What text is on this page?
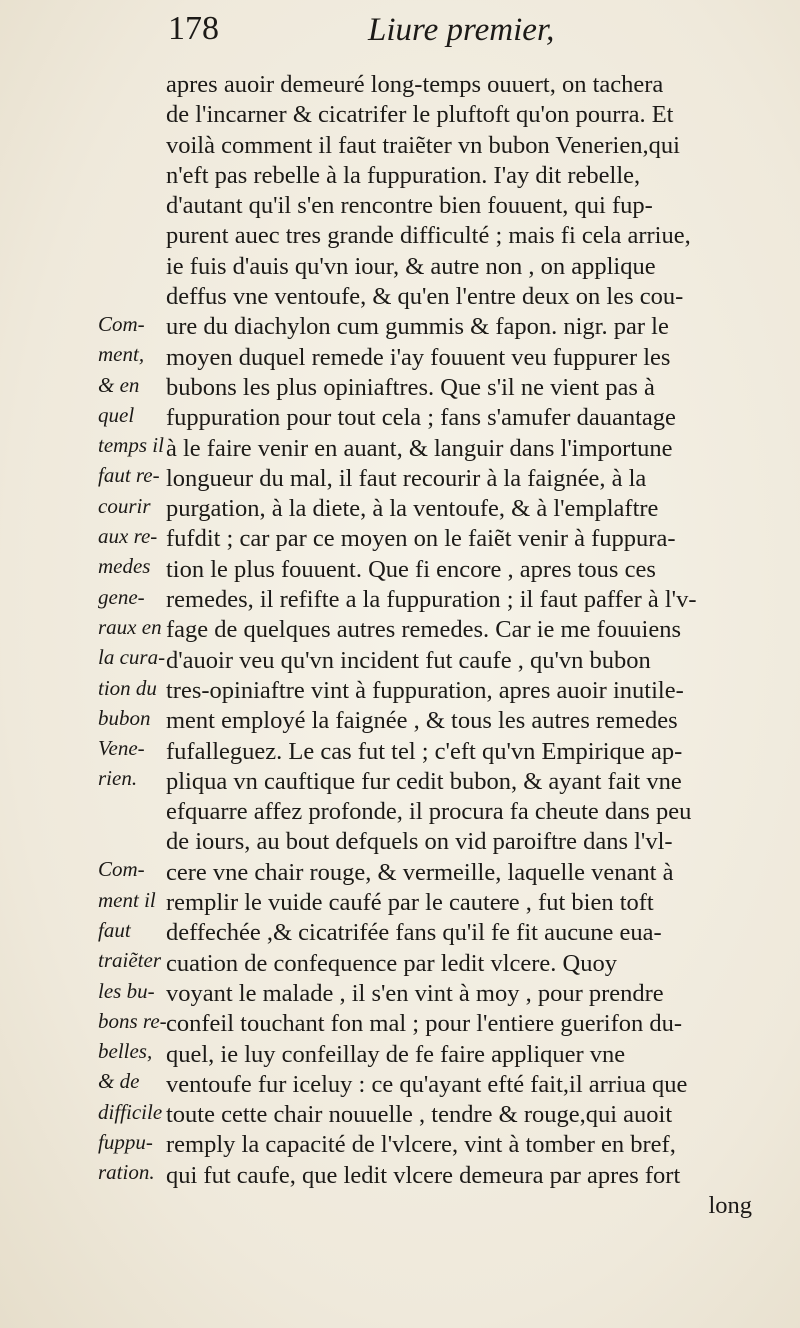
178	Liure premier,
Com-
ment,
& en
quel
temps il
faut re-
courir
aux re-
medes
gene-
raux en
la cura-
tion du
bubon
Vene-
rien.
Com-
ment il
faut
traiẽter
les bu-
bons re-
belles,
& de
difficile
fuppu-
ration.
apres auoir demeuré long-temps ouuert, on tachera
de l'incarner & cicatrifer le pluftoft qu'on pourra. Et
voilà comment il faut traiẽter vn bubon Venerien,qui
n'eft pas rebelle à la fuppuration. I'ay dit rebelle,
d'autant qu'il s'en rencontre bien fouuent, qui fup-
purent auec tres grande difficulté ; mais fi cela arriue,
ie fuis d'auis qu'vn iour, & autre non , on applique
deffus vne ventoufe, & qu'en l'entre deux on les cou-
ure du diachylon cum gummis & fapon. nigr. par le
moyen duquel remede i'ay fouuent veu fuppurer les
bubons les plus opiniaftres. Que s'il ne vient pas à
fuppuration pour tout cela ; fans s'amufer dauantage
à le faire venir en auant, & languir dans l'importune
longueur du mal, il faut recourir à la faignée, à la
purgation, à la diete, à la ventoufe, & à l'emplaftre
fufdit ; car par ce moyen on le faiẽt venir à fuppura-
tion le plus fouuent. Que fi encore , apres tous ces
remedes, il refifte a la fuppuration ; il faut paffer à l'v-
fage de quelques autres remedes. Car ie me fouuiens
d'auoir veu qu'vn incident fut caufe , qu'vn bubon
tres-opiniaftre vint à fuppuration, apres auoir inutile-
ment employé la faignée , & tous les autres remedes
fufalleguez. Le cas fut tel ; c'eft qu'vn Empirique ap-
pliqua vn cauftique fur cedit bubon, & ayant fait vne
efquarre affez profonde, il procura fa cheute dans peu
de iours, au bout defquels on vid paroiftre dans l'vl-
cere vne chair rouge, & vermeille, laquelle venant à
remplir le vuide caufé par le cautere , fut bien toft
deffechée ,& cicatrifée fans qu'il fe fit aucune eua-
cuation de confequence par ledit vlcere. Quoy
voyant le malade , il s'en vint à moy , pour prendre
confeil touchant fon mal ; pour l'entiere guerifon du-
quel, ie luy confeillay de fe faire appliquer vne
ventoufe fur iceluy : ce qu'ayant efté fait,il arriua que
toute cette chair nouuelle , tendre & rouge,qui auoit
remply la capacité de l'vlcere, vint à tomber en bref,
qui fut caufe, que ledit vlcere demeura par apres fort
long
